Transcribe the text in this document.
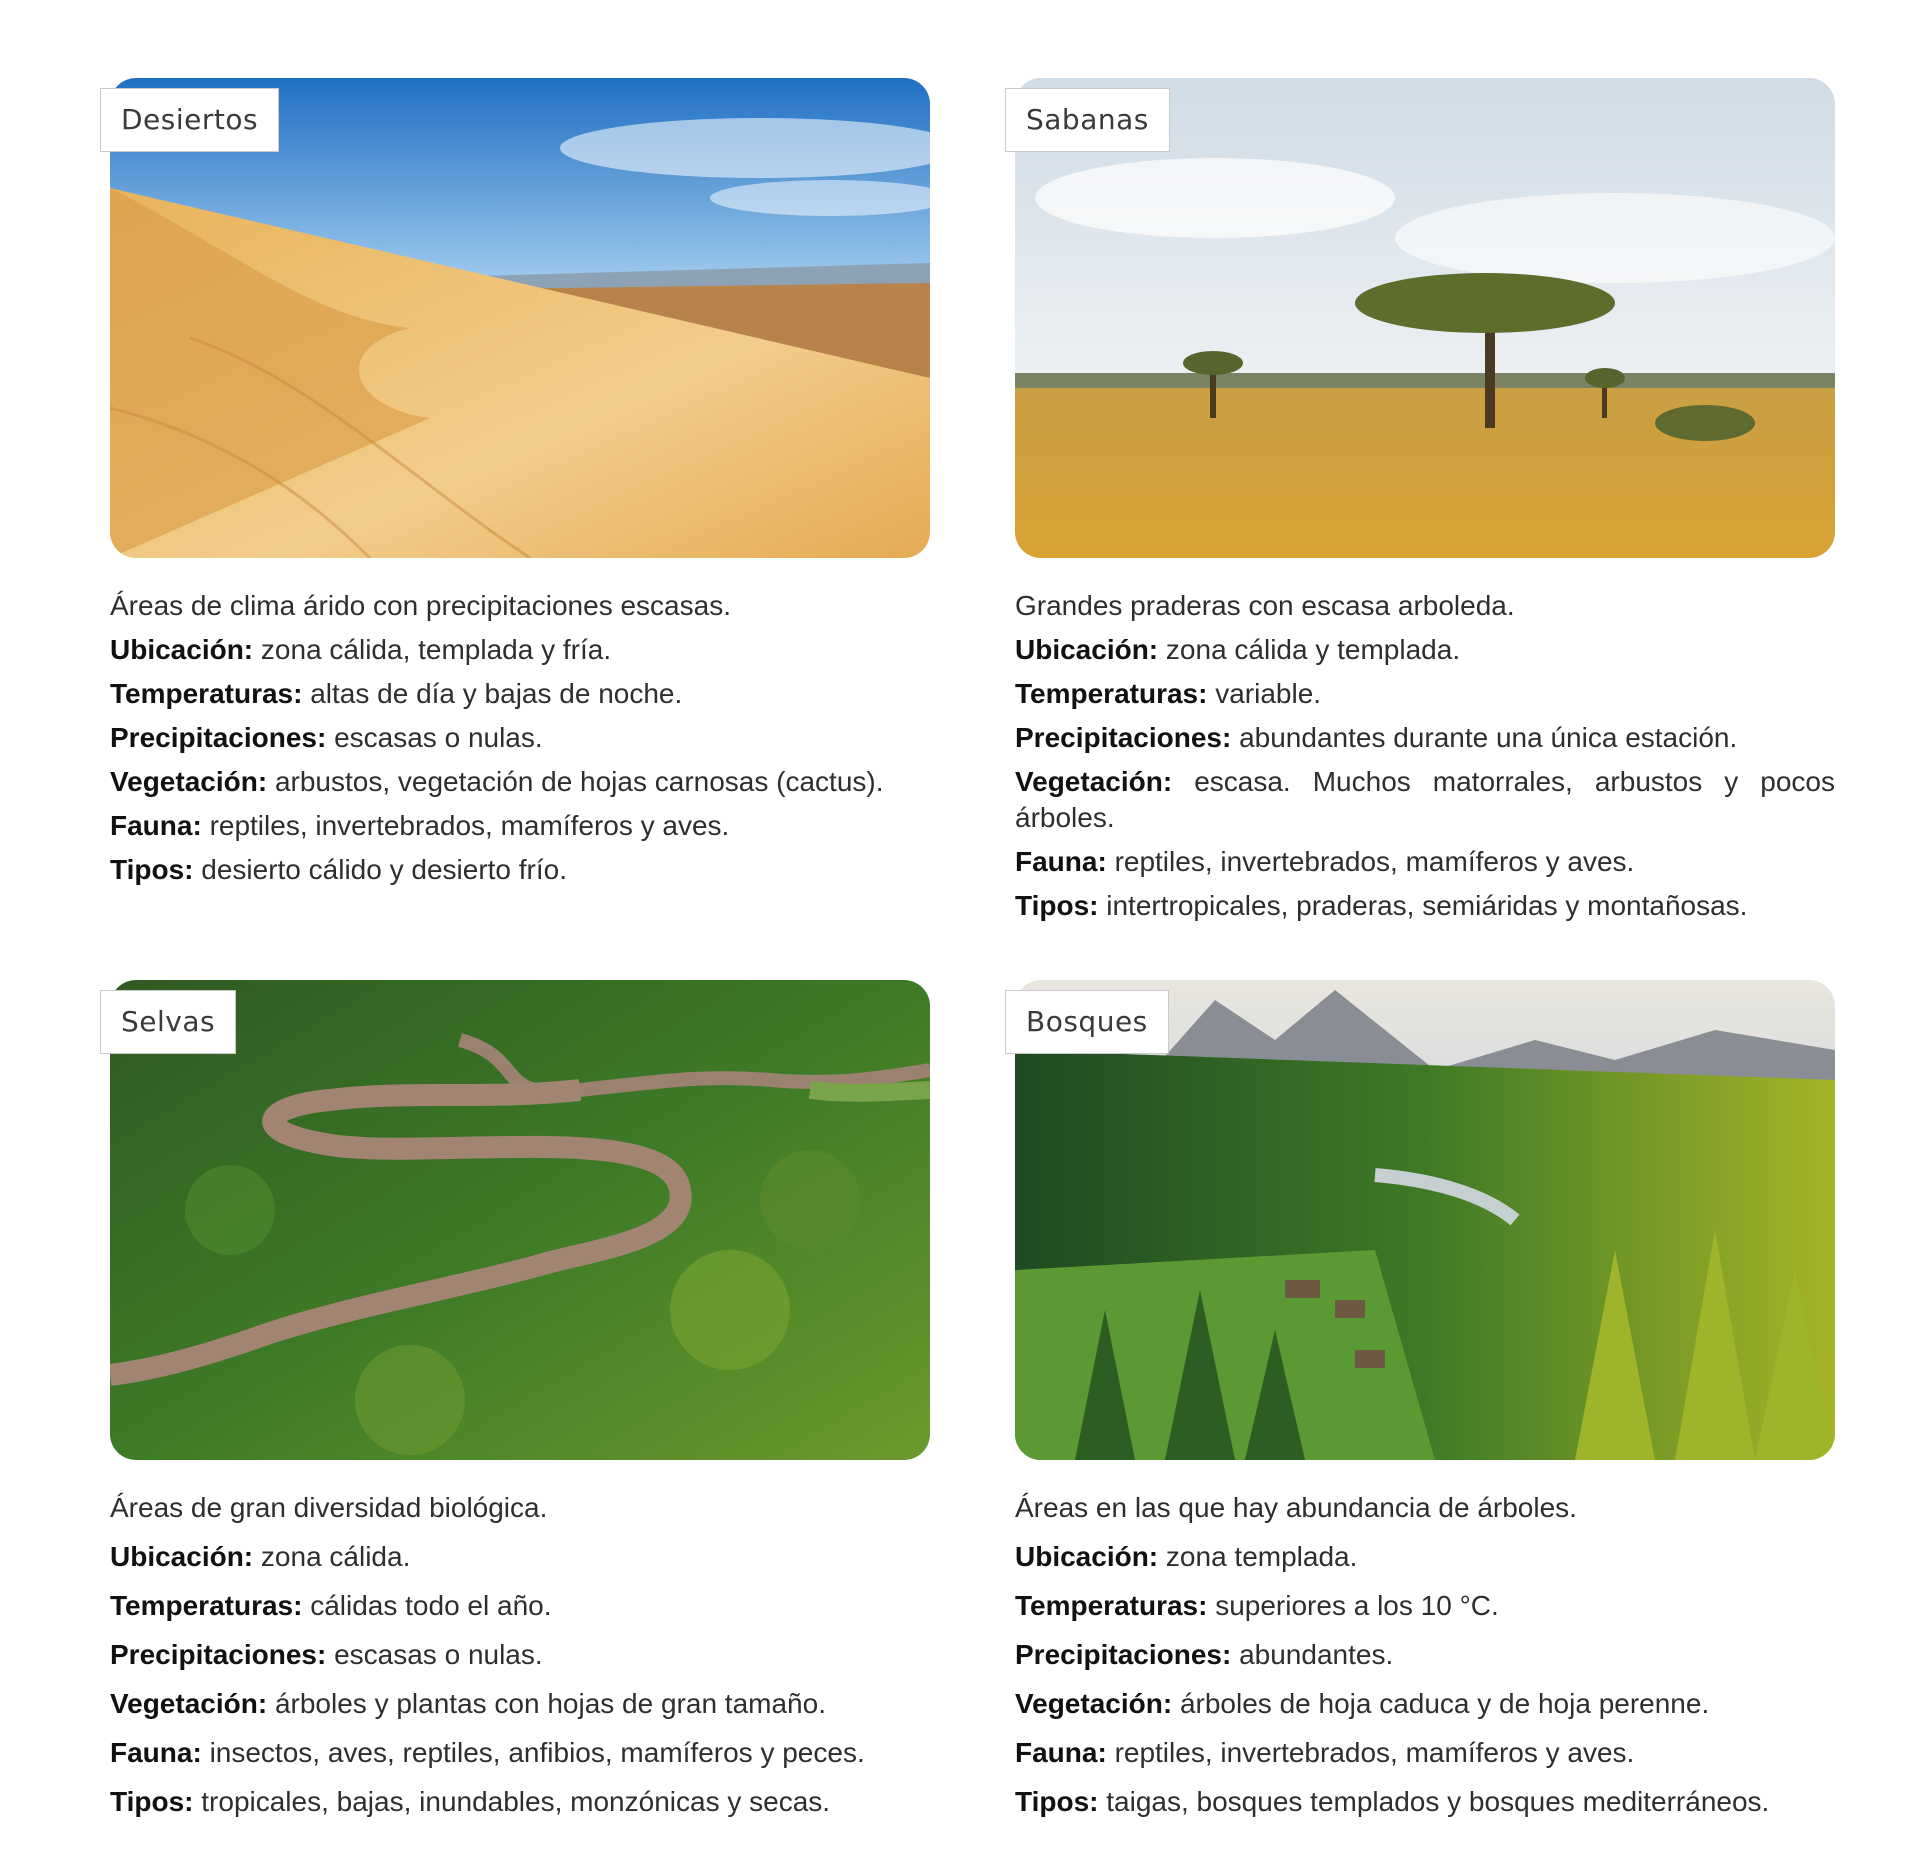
Desiertos

Áreas de clima árido con precipitaciones escasas.

Ubicación: zona cálida, templada y fría.

Temperaturas: altas de día y bajas de noche.

Precipitaciones: escasas o nulas.

Vegetación: arbustos, vegetación de hojas carnosas (cactus).

Fauna: reptiles, invertebrados, mamíferos y aves.

Tipos: desierto cálido y desierto frío.

Sabanas

Grandes praderas con escasa arboleda.

Ubicación: zona cálida y templada.

Temperaturas: variable.

Precipitaciones: abundantes durante una única estación.

Vegetación: escasa. Muchos matorrales, arbustos y pocos árboles.

Fauna: reptiles, invertebrados, mamíferos y aves.

Tipos: intertropicales, praderas, semiáridas y montañosas.

Selvas

Áreas de gran diversidad biológica.

Ubicación: zona cálida.

Temperaturas: cálidas todo el año.

Precipitaciones: escasas o nulas.

Vegetación: árboles y plantas con hojas de gran tamaño.

Fauna: insectos, aves, reptiles, anfibios, mamíferos y peces.

Tipos: tropicales, bajas, inundables, monzónicas y secas.

Bosques

Áreas en las que hay abundancia de árboles.

Ubicación: zona templada.

Temperaturas: superiores a los 10 °C.

Precipitaciones: abundantes.

Vegetación: árboles de hoja caduca y de hoja perenne.

Fauna: reptiles, invertebrados, mamíferos y aves.

Tipos: taigas, bosques templados y bosques mediterráneos.
